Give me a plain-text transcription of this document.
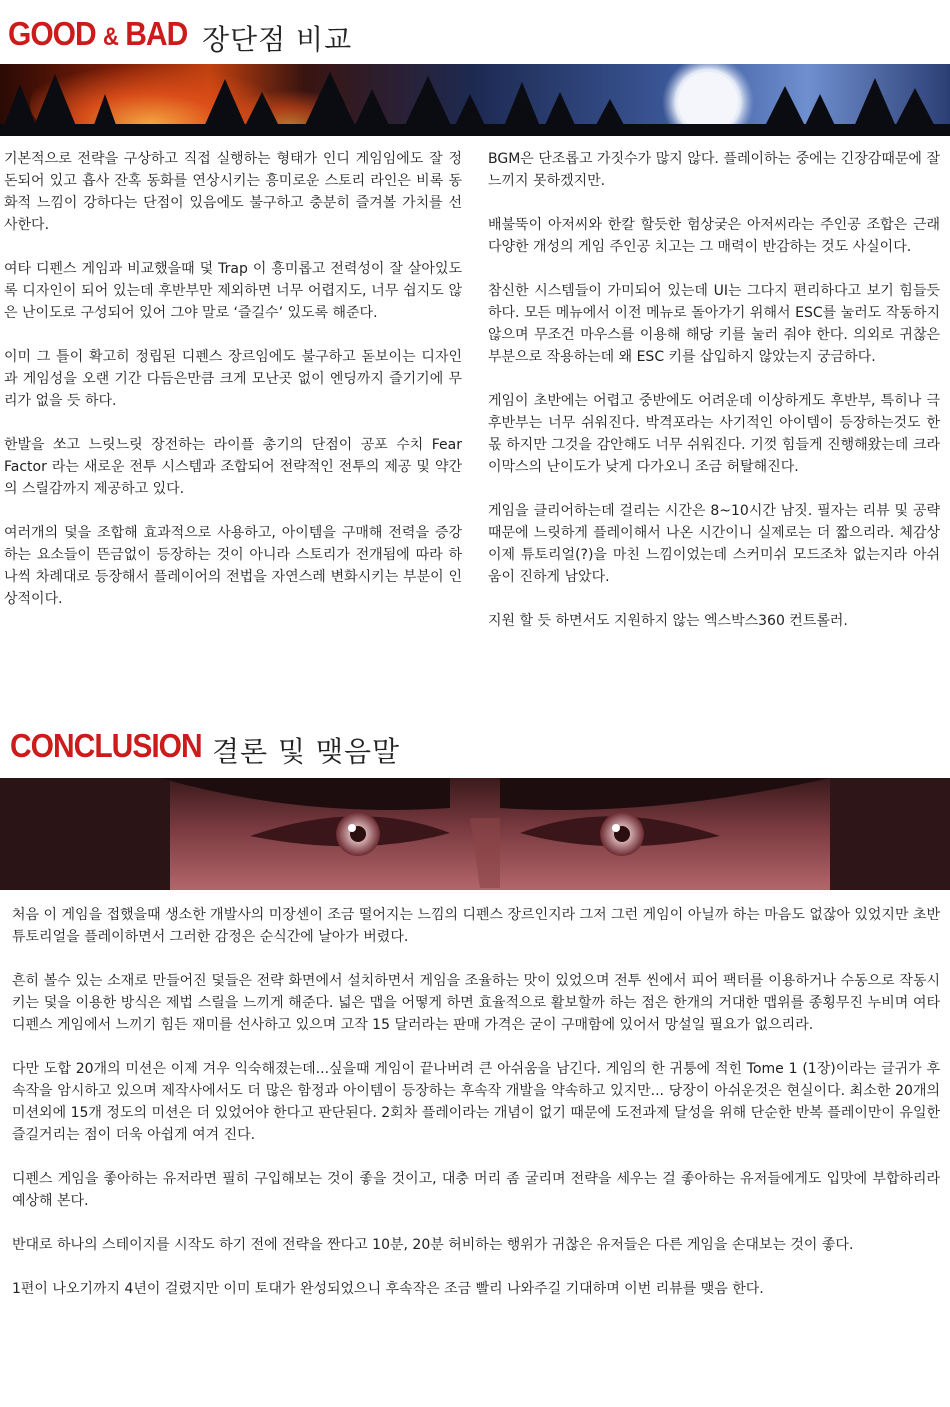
GOOD & BAD 장단점 비교

기본적으로 전략을 구상하고 직접 실행하는 형태가 인디 게임임에도 잘 정돈되어 있고 흡사 잔혹 동화를 연상시키는 흥미로운 스토리 라인은 비록 동화적 느낌이 강하다는 단점이 있음에도 불구하고 충분히 즐겨볼 가치를 선사한다.

여타 디펜스 게임과 비교했을때 덫 Trap 이 흥미롭고 전력성이 잘 살아있도록 디자인이 되어 있는데 후반부만 제외하면 너무 어렵지도, 너무 쉽지도 않은 난이도로 구성되어 있어 그야 말로 ‘즐길수’ 있도록 해준다.

이미 그 틀이 확고히 정립된 디펜스 장르임에도 불구하고 돋보이는 디자인과 게임성을 오랜 기간 다듬은만큼 크게 모난곳 없이 엔딩까지 즐기기에 무리가 없을 듯 하다.

한발을 쏘고 느릿느릿 장전하는 라이플 총기의 단점이 공포 수치 Fear Factor 라는 새로운 전투 시스템과 조합되어 전략적인 전투의 제공 및 약간의 스릴감까지 제공하고 있다.

여러개의 덫을 조합해 효과적으로 사용하고, 아이템을 구매해 전력을 증강하는 요소들이 뜬금없이 등장하는 것이 아니라 스토리가 전개됨에 따라 하나씩 차례대로 등장해서 플레이어의 전법을 자연스레 변화시키는 부분이 인상적이다.

BGM은 단조롭고 가짓수가 많지 않다. 플레이하는 중에는 긴장감때문에 잘 느끼지 못하겠지만.

배불뚝이 아저씨와 한칼 할듯한 험상궂은 아저씨라는 주인공 조합은 근래 다양한 개성의 게임 주인공 치고는 그 매력이 반감하는 것도 사실이다.

참신한 시스템들이 가미되어 있는데 UI는 그다지 편리하다고 보기 힘들듯 하다. 모든 메뉴에서 이전 메뉴로 돌아가기 위해서 ESC를 눌러도 작동하지 않으며 무조건 마우스를 이용해 해당 키를 눌러 줘야 한다. 의외로 귀찮은 부분으로 작용하는데 왜 ESC 키를 삽입하지 않았는지 궁금하다.

게임이 초반에는 어렵고 중반에도 어려운데 이상하게도 후반부, 특히나 극 후반부는 너무 쉬워진다. 박격포라는 사기적인 아이템이 등장하는것도 한몫 하지만 그것을 감안해도 너무 쉬워진다. 기껏 힘들게 진행해왔는데 크라이막스의 난이도가 낮게 다가오니 조금 허탈해진다.

게임을 클리어하는데 걸리는 시간은 8~10시간 남짓. 필자는 리뷰 및 공략 때문에 느릿하게 플레이해서 나온 시간이니 실제로는 더 짧으리라. 체감상 이제 튜토리얼(?)을 마친 느낌이었는데 스커미쉬 모드조차 없는지라 아쉬움이 진하게 남았다.

지원 할 듯 하면서도 지원하지 않는 엑스박스360 컨트롤러.

CONCLUSION 결론 및 맺음말

처음 이 게임을 접했을때 생소한 개발사의 미장센이 조금 떨어지는 느낌의 디펜스 장르인지라 그저 그런 게임이 아닐까 하는 마음도 없잖아 있었지만 초반 튜토리얼을 플레이하면서 그러한 감정은 순식간에 날아가 버렸다.

흔히 볼수 있는 소재로 만들어진 덫들은 전략 화면에서 설치하면서 게임을 조율하는 맛이 있었으며 전투 씬에서 피어 팩터를 이용하거나 수동으로 작동시키는 덫을 이용한 방식은 제법 스릴을 느끼게 해준다. 넓은 맵을 어떻게 하면 효율적으로 활보할까 하는 점은 한개의 거대한 맵위를 종횡무진 누비며 여타 디펜스 게임에서 느끼기 힘든 재미를 선사하고 있으며 고작 15 달러라는 판매 가격은 굳이 구매함에 있어서 망설일 필요가 없으리라.

다만 도합 20개의 미션은 이제 겨우 익숙해졌는데...싶을때 게임이 끝나버려 큰 아쉬움을 남긴다. 게임의 한 귀퉁에 적힌 Tome 1 (1장)이라는 글귀가 후속작을 암시하고 있으며 제작사에서도 더 많은 함정과 아이템이 등장하는 후속작 개발을 약속하고 있지만... 당장이 아쉬운것은 현실이다. 최소한 20개의 미션외에 15개 정도의 미션은 더 있었어야 한다고 판단된다. 2회차 플레이라는 개념이 없기 때문에 도전과제 달성을 위해 단순한 반복 플레이만이 유일한 즐길거리는 점이 더욱 아쉽게 여겨 진다.

디펜스 게임을 좋아하는 유저라면 필히 구입해보는 것이 좋을 것이고, 대충 머리 좀 굴리며 전략을 세우는 걸 좋아하는 유저들에게도 입맛에 부합하리라 예상해 본다.

반대로 하나의 스테이지를 시작도 하기 전에 전략을 짠다고 10분, 20분 허비하는 행위가 귀찮은 유저들은 다른 게임을 손대보는 것이 좋다.

1편이 나오기까지 4년이 걸렸지만 이미 토대가 완성되었으니 후속작은 조금 빨리 나와주길 기대하며 이번 리뷰를 맺음 한다.
